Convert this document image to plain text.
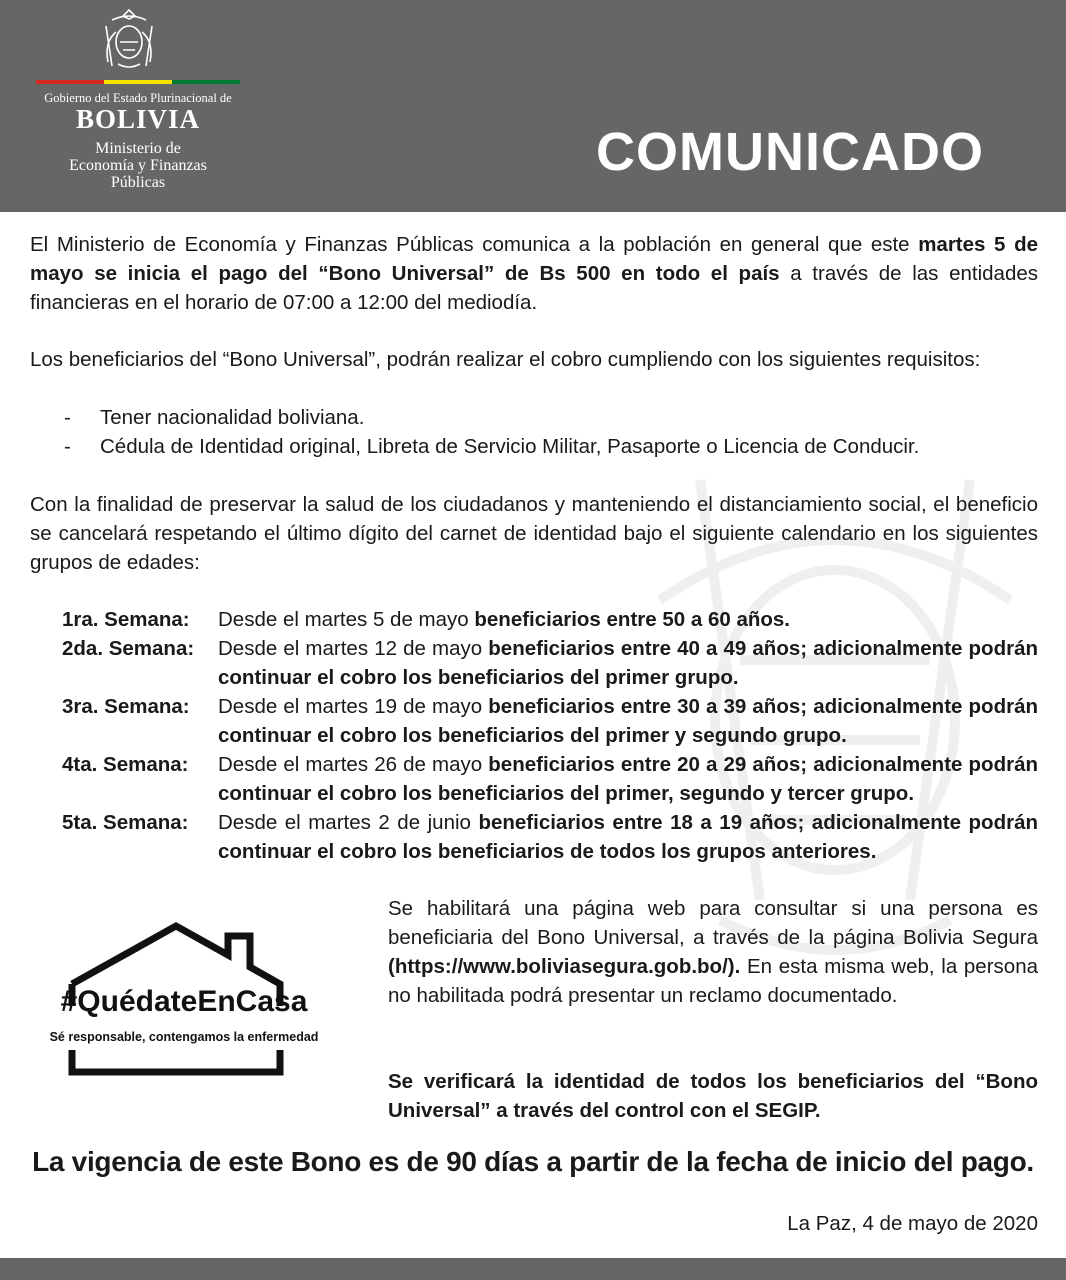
Gobierno del Estado Plurinacional de
BOLIVIA
Ministerio de
Economía y Finanzas
Públicas
COMUNICADO
El Ministerio de Economía y Finanzas Públicas comunica a la población en general que este martes 5 de mayo se inicia el pago del “Bono Universal” de Bs 500 en todo el país a través de las entidades financieras en el horario de 07:00 a 12:00 del mediodía.
Los beneficiarios del “Bono Universal”, podrán realizar el cobro cumpliendo con los siguientes requisitos:
-	Tener nacionalidad boliviana.
-	Cédula de Identidad original, Libreta de Servicio Militar, Pasaporte o Licencia de Conducir.
Con la finalidad de preservar la salud de los ciudadanos y manteniendo el distanciamiento social, el beneficio se cancelará respetando el último dígito del carnet de identidad bajo el siguiente calendario en los siguientes grupos de edades:
1ra. Semana:	Desde el martes 5 de mayo beneficiarios entre 50 a 60 años.
2da. Semana:	Desde el martes 12 de mayo beneficiarios entre 40 a 49 años; adicionalmente podrán continuar el cobro los beneficiarios del primer grupo.
3ra. Semana:	Desde el martes 19 de mayo beneficiarios entre 30 a 39 años; adicionalmente podrán continuar el cobro los beneficiarios del primer y segundo grupo.
4ta. Semana:	Desde el martes 26 de mayo beneficiarios entre 20 a 29 años; adicionalmente podrán continuar el cobro los beneficiarios del primer, segundo y tercer grupo.
5ta. Semana:	Desde el martes 2 de junio beneficiarios entre 18 a 19 años; adicionalmente podrán continuar el cobro los beneficiarios de todos los grupos anteriores.
#QuédateEnCasa
Sé responsable, contengamos la enfermedad
Se habilitará una página web para consultar si una persona es beneficiaria del Bono Universal, a través de la página Bolivia Segura (https://www.boliviasegura.gob.bo/). En esta misma web, la persona no habilitada podrá presentar un reclamo documentado.
Se verificará la identidad de todos los beneficiarios del “Bono Universal” a través del control con el SEGIP.
La vigencia de este Bono es de 90 días a partir de la fecha de inicio del pago.
La Paz, 4 de mayo de 2020
